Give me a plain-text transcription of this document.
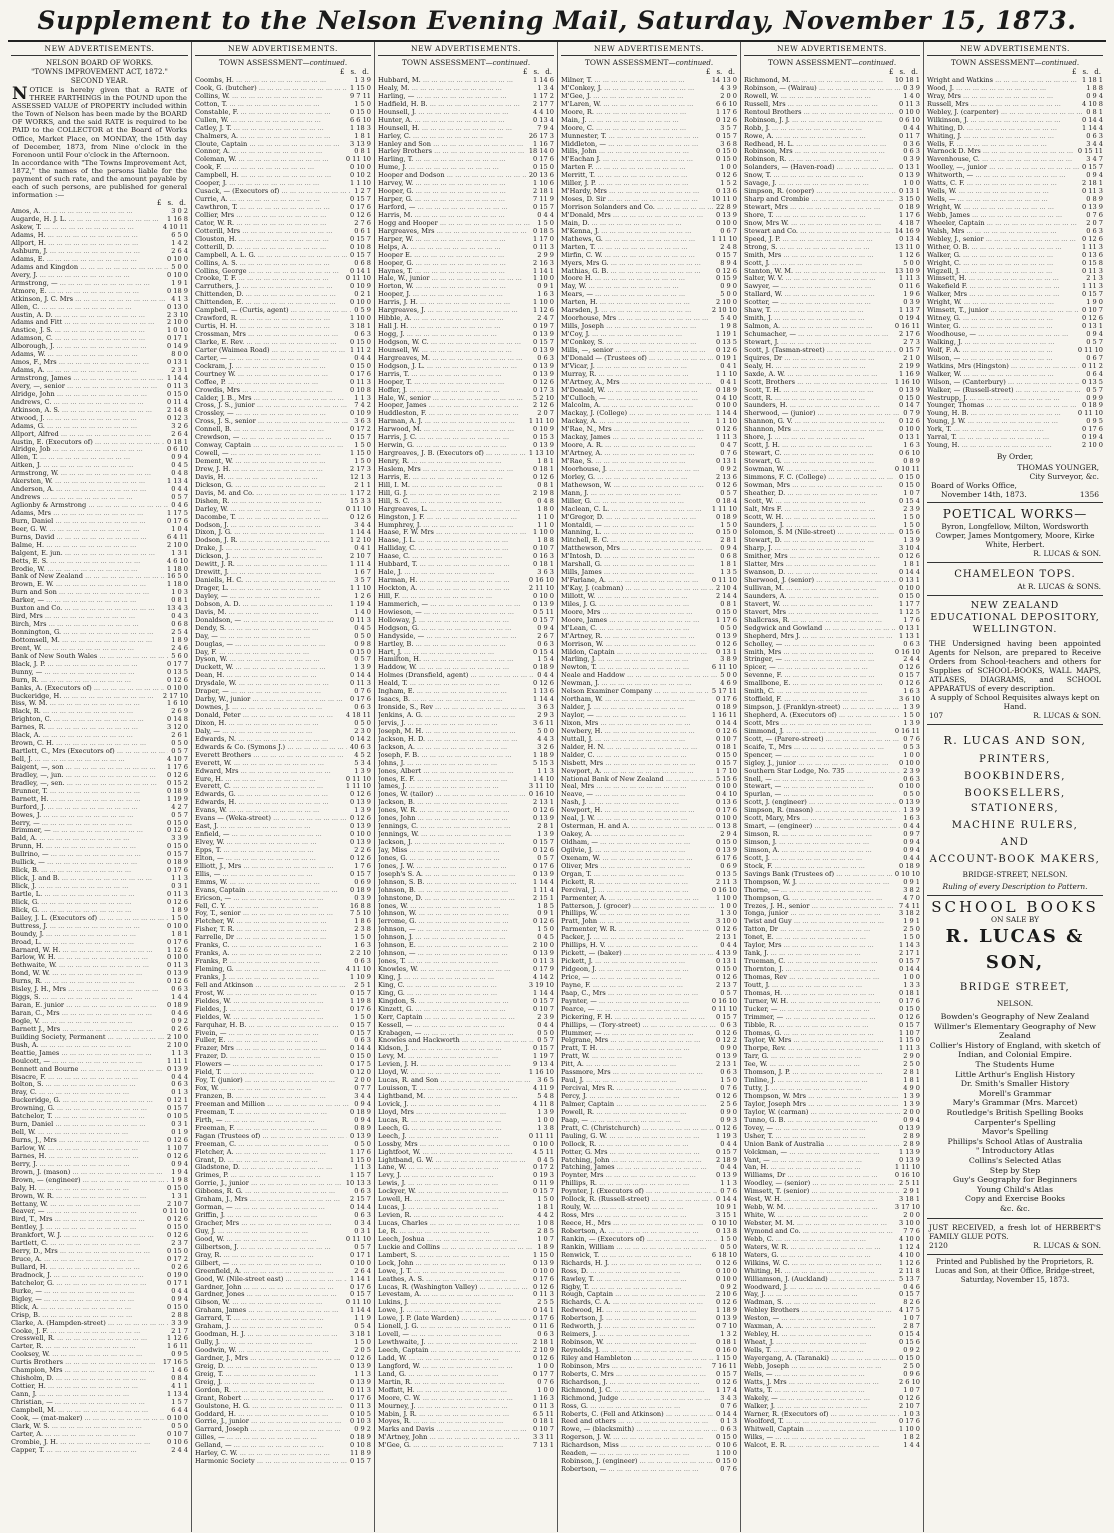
Supplement to the Nelson Evening Mail, Saturday, November 15, 1873.
NEW ADVERTISEMENTS.
NELSON BOARD OF WORKS.
"TOWNS IMPROVEMENT ACT, 1872."
SECOND YEAR.
NOTICE is hereby given that a RATE of THREE FARTHINGS in the POUND upon the ASSESSED VALUE of PROPERTY included within the Town of Nelson has been made by the BOARD OF WORKS, and the said RATE is required to be PAID to the COLLECTOR at the Board of Works Office, Market Place, on MONDAY, the 15th day of December, 1873, from Nine o'clock in the Forenoon until Four o'clock in the Afternoon.
In accordance with "The Towns Improvement Act, 1872," the names of the persons liable for the payment of such rate, and the amount payable by each of such persons, are published for general information :—
£ s. d.
Amos, A. ... .	3 0 2
Augarde, H. J. L. ... .	1 16 8
Askew, T. ... .	4 10 11
Adams, H. ... .	6 5 0
Allport, H. ... .	1 4 2
Ashburn, J. ... .	2 6 4
Adams, E. ... .	0 10 0
Adams and Kingdon ... .	5 0 0
Avery, J. ... .	0 10 0
Armstrong, — ... .	1 9 1
Atmore, E. ... .	0 18 9
Atkinson, J. C. Mrs ... .	4 1 3
Allen, C. ... .	0 13 0
Austin, A. D. ... .	2 3 10
Adams and Fitt ... .	2 10 0
Anstice, J. S. ... .	1 0 10
Adamson, C. ... .	0 17 1
Alborough, J. ... .	0 14 9
Adams, W. ... .	8 0 0
Amos, F., Mrs ... .	0 13 1
Adams, A. ... .	2 3 1
Armstrong, James ... .	1 14 4
Avery, —, senior ... .	0 11 3
Alridge, John ... .	0 15 0
Andrews, C. ... .	0 11 4
Atkinson, A. S. ... .	2 14 8
Atwood, J. ... .	0 12 3
Adams, G. ... .	3 2 6
Allport, Alfred ... .	2 6 4
Austin, E. (Executors of) ... .	0 18 1
Alridge, Job ... .	0 6 10
Allen, T. ... .	0 9 4
Aitken, J. ... .	0 4 5
Armstrong, W. ... .	0 4 8
Akersten, W. ... .	1 13 4
Anderson, A. ... .	0 4 4
Andrews ... .	0 5 7
Aglionby & Armstrong ... .	0 4 6
Adams, Mrs ... .	1 17 5
Burn, Daniel ... .	0 17 6
Beer, G. W. ... .	1 0 4
Burns, David ... .	6 4 11
Balme, H. ... .	2 10 0
Balgent, E. jun. ... .	1 3 1
Betts, E. S. ... .	4 6 10
Brodie, W. ... .	1 18 0
Bank of New Zealand ... .	16 5 0
Brown, E. W. ... .	1 18 0
Burn and Son ... .	1 0 3
Barker, — ... .	0 8 1
Buxton and Co. ... .	13 4 3
Bird, Mrs ... .	0 4 3
Birch, Mrs ... .	0 6 8
Bonnington, G. ... .	2 5 4
Bottomsell, M. ... .	1 8 9
Brent, W. ... .	2 4 6
Bank of New South Wales ... .	5 6 0
Black, J. P. ... .	0 17 7
Bunny, — ... .	0 13 5
Burn, R. ... .	0 12 6
Banks, A. (Executors of) ... .	0 10 0
Buckeridge, H. ... .	2 17 10
Biss, W. M. ... .	1 6 10
Black, R. ... .	2 6 9
Brighton, C. ... .	0 14 8
Barnes, R. ... .	3 12 0
Black, A. ... .	2 6 1
Brown, C. H. ... .	0 5 0
Bartlett, C., Mrs (Executors of) ... .	0 5 7
Bell, J. ... .	4 10 7
Baigent, —, son ... .	1 17 6
Bradley, —, jun. ... .	0 12 6
Bradley, —, sen. ... .	0 15 2
Brunner, T. ... .	0 18 9
Barnett, H. ... .	1 19 9
Burford, J. ... .	4 2 7
Bowes, J. ... .	0 5 7
Berry, — ... .	0 15 0
Brimmer, — ... .	0 12 6
Bald, A. ... .	3 3 9
Brunn, H. ... .	0 15 0
Bullrino, — ... .	0 15 7
Bullick, — ... .	0 18 9
Blick, B. ... .	0 17 6
Blick, J. and B. ... .	1 1 3
Blick, J. ... .	0 3 1
Bartle, L. ... .	0 11 3
Blick, G. ... .	0 12 6
Blick, G. ... .	1 8 9
Bailey, J. L. (Executors of) ... .	1 5 0
Buttress, J. ... .	0 10 0
Boundy, J. ... .	1 8 1
Broad, L. ... .	0 17 6
Barnard, W. H. ... .	1 12 6
Barlow, W. H. ... .	0 10 0
Bethwaite, W. ... .	0 11 3
Bond, W. W. ... .	0 13 9
Burns, R. ... .	0 12 6
Bisley, J. H., Mrs ... .	0 6 3
Biggs, S. ... .	1 4 4
Baran, E. junior ... .	0 18 9
Baran, C., Mrs ... .	0 4 6
Bogle, V. ... .	0 9 2
Barnett J., Mrs ... .	0 2 6
Building Society, Permanent ... .	2 10 0
Bush, A. ... .	2 10 0
Beattie, James ... .	1 1 3
Boulcott, — ... .	1 11 1
Bennett and Bourne ... .	0 13 9
Bisacre, F. ... .	0 4 4
Bolton, S. ... .	0 6 3
Bray, C. ... .	0 1 3
Buckeridge, G. ... .	0 12 1
Browning, G. ... .	0 15 7
Batchelor, T. ... .	0 10 5
Burn, Daniel ... .	0 3 1
Bell, W. ... .	0 1 9
Burns, J., Mrs ... .	0 12 6
Barlow, W. ... .	1 10 7
Barnes, H. ... .	0 12 6
Berry, J. ... .	0 9 4
Brown, J. (mason) ... .	1 9 4
Brown, — (engineer) ... .	1 9 8
Baly, H. ... .	0 15 0
Brown, W. R. ... .	1 3 1
Bettany, W. ... .	2 10 7
Beaver, — ... .	0 11 10
Bird, T., Mrs ... .	0 12 6
Bentley, J. ... .	0 15 0
Brankfort, W. J. ... .	0 12 6
Bartlett, C. ... .	2 3 7
Berry, D., Mrs ... .	0 15 0
Bruce, A. ... .	0 17 2
Bullard, H. ... .	0 2 6
Bradnock, J. ... .	0 19 0
Batchelor, G. ... .	0 17 1
Burke, — ... .	0 4 4
Bigley, — ... .	0 9 4
Blick, A. ... .	0 15 0
Crisp, B. ... .	2 8 8
Clarke, A. (Hampden-street) ... .	3 3 9
Cooke, J. F. ... .	2 1 7
Cresswell, R. ... .	1 12 6
Carter, R. ... .	1 6 11
Cooksey, W. ... .	0 9 5
Curtis Brothers ... .	17 16 5
Champion, Mrs ... .	1 4 6
Chisholm, D. ... .	0 8 4
Cottier, H. ... .	4 1 1
Cann, J. ... .	1 13 4
Christian, — ... .	1 5 7
Campbell, M. ... .	6 4 4
Cook, — (mat-maker) ... .	0 10 0
Clark, W. S. ... .	0 5 0
Carter, A. ... .	0 10 7
Crombie, J. H. ... .	0 10 6
Capper, T. ... .	2 4 4
NEW ADVERTISEMENTS.
TOWN ASSESSMENT—continued.
£ s. d.
Coombs, H. ... .	1 3 9
Cook, G. (butcher) ... .	1 15 0
Collins, W. ... .	9 7 11
Cotton, T. ... .	1 5 0
Constable, F. ... .	0 15 0
Cullen, W. ... .	6 6 10
Catley, J. T. ... .	1 18 3
Chalmers, A. ... .	1 8 1
Cloute, Captain ... .	3 13 9
Connor, A. ... .	0 8 1
Coleman, W. ... .	0 11 10
Cook, F. ... .	0 10 0
Campbell, H. ... .	0 10 2
Cooper, J. ... .	1 1 10
Cusack, — (Executors of) ... .	1 2 7
Currie, A. ... .	0 15 7
Cawthron, T. ... .	0 17 6
Collier, Mrs ... .	0 12 6
Cator, W. R. ... .	2 7 6
Cotterill, Mrs ... .	0 6 1
Clouston, H. ... .	0 15 7
Cotterill, D. ... .	0 10 8
Campbell, A. L. G. ... .	0 15 7
Collins, A. S. ... .	0 6 8
Collins, George ... .	0 14 1
Crooke, T. F. ... .	0 11 10
Carruthers, J. ... .	0 10 9
Chittenden, D. ... .	0 2 1
Chittenden, E. ... .	0 10 0
Campbell, — (Curtis, agent) ... .	0 5 9
Crawford, R. ... .	1 10 0
Curtis, H. H. ... .	3 18 1
Crossman, Mrs ... .	0 6 3
Clarke, E. Rev. ... .	0 15 0
Carter (Waimea Road) ... .	1 11 2
Carter, — ... .	0 4 4
Cockram, J. ... .	0 15 0
Courtney W. ... .	0 17 6
Coffee, P. ... .	0 11 3
Crowdis, Mrs ... .	0 10 8
Calder, J. B., Mrs ... .	1 1 3
Cross, J. S., junior ... .	7 4 2
Crossley, — ... .	0 10 9
Cross, J. S., senior ... .	3 6 3
Connell, B. ... .	0 17 2
Crewdson, — ... .	0 15 7
Conway, Captain ... .	1 5 0
Cowell, — ... .	1 15 0
Dement, W. ... .	1 5 0
Drew, J. H. ... .	2 17 3
Davis, H. ... .	12 1 3
Dickson, G. ... .	2 1 1
Davis, M. and Co. ... .	1 17 2
Dishen, R. ... .	15 3 3
Darley, W. ... .	0 11 10
Dacombe, T. ... .	0 12 6
Dodson, J. ... .	3 4 4
Dixon, J. G. ... .	1 14 4
Dodson, J. R. ... .	1 2 10
Drake, J. ... .	0 4 1
Dickson, J. ... .	2 10 7
Dewitt, J. R. ... .	1 11 4
Drewitt, J. ... .	1 6 7
Daniells, H. C. ... .	3 5 7
Drager, L. ... .	1 1 10
Dayley, — ... .	1 2 6
Dobson, A. D. ... .	1 19 4
Davis, M. ... .	1 4 0
Donaldson, — ... .	0 11 3
Dendy, S. ... .	0 4 5
Day, — ... .	0 5 0
Douglas, — ... .	0 9 8
Day, F. ... .	0 15 0
Dyson, W. ... .	0 5 7
Duckett, W. ... .	1 3 9
Dean, H. ... .	0 14 4
Drysdale, W. ... .	0 11 3
Draper, — ... .	0 7 6
Darby, W., junior ... .	0 17 6
Downes, J. ... .	0 6 3
Donald, Peter ... .	4 18 11
Dixon, H. ... .	0 5 0
Daly, — ... .	2 3 0
Edwards, N. ... .	0 14 2
Edwards & Co. (Symons J.) ... .	40 6 3
Everett Brothers ... .	4 5 2
Everett, W. ... .	5 3 4
Edward, Mrs ... .	1 3 9
Eure, H. ... .	0 11 10
Everett, C. ... .	1 11 10
Edwards, G. ... .	0 12 6
Edwards, H. ... .	0 13 9
Evans, W. ... .	1 3 9
Evans — (Weka-street) ... .	0 12 6
East, J. ... .	0 13 9
Enfield, — ... .	0 10 0
Elvey, W. ... .	0 13 9
Epps, T. ... .	2 2 6
Elton, — ... .	0 12 6
Elliott, J., Mrs ... .	1 7 6
Ellis, — ... .	0 15 7
Emms, W. ... .	0 6 9
Evans, Captain ... .	0 18 9
Ericson, — ... .	0 3 9
Fell, C. Y. ... .	16 8 8
Foy, T., senior ... .	7 5 10
Fletcher, W. ... .	1 8 6
Fisher, T. R. ... .	2 3 8
Farrelle, Dr ... .	1 5 0
Franks, C. ... .	1 6 3
Franks, A. ... .	2 2 10
Franks, P. ... .	0 6 3
Fleming, G. ... .	4 11 10
Franks, J. ... .	1 10 9
Fell and Atkinson ... .	2 5 1
Frost, W. ... .	0 15 7
Fieldes, W. ... .	1 19 8
Fieldes, J. ... .	0 17 6
Fieldes, W. ... .	1 5 0
Farquhar, H. B. ... .	0 15 7
Fivein, — ... .	0 15 7
Fuller, E. ... .	0 6 3
Frazer, Mrs ... .	0 14 4
Frazer, D. ... .	0 15 0
Flowers — ... .	0 17 5
Field, T. ... .	0 12 0
Foy, T. (junior) ... .	2 0 0
Fox, W. ... .	0 7 7
Franzen, B. ... .	3 4 4
Freeman and Million ... .	0 9 4
Freeman, T. ... .	0 18 9
Firth, — ... .	0 9 4
Freeman, F. ... .	0 8 9
Fagan (Trustees of) ... .	0 13 9
Freeman, C. ... .	0 5 0
Fletcher, A. ... .	1 17 6
Grant, D. ... .	1 15 0
Gladstone, D. ... .	1 1 3
Grimes, P. ... .	1 15 7
Gorrie, J., junior ... .	10 13 3
Gibbons, R. G. ... .	0 6 3
Graham, J., Mrs ... .	2 15 7
Gorman, — ... .	0 14 4
Griffin, J. ... .	0 6 3
Gracher, Mrs ... .	0 3 4
Guy, J. ... .	0 3 1
Good, W. ... .	0 11 10
Gilbertson, J. ... .	0 5 7
Gray, R. ... .	0 17 1
Gilbert, — ... .	0 10 0
Greenfield, A. ... .	2 6 4
Good, W. (Nile-street east) ... .	1 14 1
Gardner, John ... .	0 17 6
Gardner, Jones ... .	0 15 7
Gibson, W. ... .	0 11 10
Graham, James ... .	1 14 4
Garrard, T. ... .	1 1 9
Graham, J. ... .	0 5 4
Goodman, H. J. ... .	3 18 1
Gully, J. ... .	1 5 0
Goodwin, W. ... .	2 0 5
Gardner, J., Mrs ... .	0 12 6
Greig, D. ... .	0 13 9
Greig, T. ... .	1 1 3
Greig, J. ... .	0 13 9
Gordon, R. ... .	0 11 3
Grant, Robert ... .	0 17 6
Goulstone, H. G. ... .	0 11 3
Goddard, H. ... .	0 10 5
Gorrie, J., junior ... .	0 10 3
Garrard, Joseph ... .	0 9 2
Gilles, — ... .	0 18 9
Gelland, — ... .	0 10 8
Harley, C. W. ... .	11 8 9
Harmonic Society ... .	0 15 7
NEW ADVERTISEMENTS.
TOWN ASSESSMENT—continued.
£ s. d.
Hubbard, M. ... .	1 14 6
Healy, M. ... .	1 3 4
Harling, — ... .	1 17 2
Hadfield, H. B. ... .	2 17 7
Hounsell, J. ... .	4 4 10
Hunter, A. ... .	0 13 4
Hounsell, H. ... .	7 9 4
Harley, C. ... .	26 17 3
Hanley and Son ... .	1 16 7
Harley Brothers ... .	18 14 0
Harling, T. ... .	0 17 6
Hume, J. ... .	0 15 0
Hooper and Dodson ... .	20 13 6
Harvey, W. ... .	1 10 6
Hooper, G. ... .	2 18 1
Harper, G. ... .	7 11 9
Harford, — ... .	0 15 7
Harris, M. ... .	0 4 4
Hogg and Hooper ... .	1 5 0
Hargreaves, Mrs ... .	0 18 5
Harper, W. ... .	1 17 0
Helps, A. ... .	0 11 3
Hooper E. ... .	2 9 9
Hooper, G. ... .	2 16 3
Haynes, T. ... .	1 14 1
Hale, W., junior ... .	1 10 0
Horton, W. ... .	0 9 1
Hooper, J. ... .	1 6 3
Harris, J. H. ... .	1 10 0
Hargreaves, J. ... .	1 12 6
Hibble, A. ... .	2 4 7
Hall J. H. ... .	0 19 7
Hogg, J. ... .	0 13 9
Hodgson, W. C. ... .	0 15 7
Hounsell, W. ... .	0 13 9
Hargreaves, M. ... .	0 6 3
Hodgson, J. L. ... .	0 13 9
Harris, T. ... .	0 13 9
Hooper, T. ... .	0 12 6
Hoffer, J. ... .	0 17 3
Hale, W., senior ... .	5 2 10
Hooper, James ... .	2 12 6
Huddleston, F. ... .	2 0 7
Harman, A. J. ... .	1 11 10
Harwood, M. ... .	0 10 9
Harris, J. C. ... .	0 15 3
Herwin, G. ... .	0 13 9
Hargreaves, J. B. (Executors of) ... .	1 13 10
Henry, R. ... .	1 8 1
Haslem, Mrs ... .	0 18 1
Harris, E. ... .	0 12 6
Hill, I. M. ... .	0 8 1
Hill, G. J. ... .	2 19 8
Hill, S. C. ... .	0 4 8
Hargreaves, L. ... .	1 8 0
Hingston, J. F. ... .	1 1 0
Humphrey, J. ... .	1 1 0
Haase, F. W. Mrs ... .	1 10 0
Haase, J. L. ... .	1 8 8
Halliday, C. ... .	0 10 7
Haase, C. ... .	0 16 3
Hubbard, T. ... .	0 18 1
Hale, J. ... .	3 6 3
Harman, H. ... .	0 16 10
Hockton, A. ... .	2 11 10
Hill, F. ... .	0 10 0
Hammerich, — ... .	0 13 9
Howieson, — ... .	0 5 11
Holloway, J. ... .	0 15 7
Hodgson, G. ... .	0 9 4
Handyside, — ... .	2 6 7
Hartley, B. ... .	0 6 3
Hart, J. ... .	0 15 4
Hamilton, H. ... .	1 5 4
Haddow, W. ... .	0 18 9
Holmes (Dransfield, agent) ... .	0 4 4
Heald, T. ... .	0 12 6
Ingham, E. ... .	1 13 6
Isaacs, B. ... .	1 14 4
Ironside, S., Rev ... .	3 6 3
Jenkins, A. G. ... .	2 9 3
Jervis, J. ... .	3 6 11
Joseph, M. H. ... .	5 0 0
Jackson, H. D. ... .	4 4 3
Jackson, A. ... .	3 2 6
Joseph, F. B. ... .	1 18 9
Johns, J. ... .	5 15 3
Jones, Albert ... .	1 1 3
Jones, E. F. ... .	1 4 10
James, J. ... .	3 11 10
Jones, W. (tailor) ... .	0 16 10
Jackson, B. ... .	2 13 1
Jones, W. R. ... .	0 12 6
Jones, John ... .	0 13 9
Jennings, C. ... .	2 8 1
Jennings, W. ... .	1 3 9
Jackson, J. ... .	0 15 7
Jay, Miss ... .	0 12 6
Jones, G. ... .	0 5 7
Jones, J. W. ... .	0 17 6
Joseph's S. A. ... .	0 13 9
Johnson, S. B. ... .	1 14 4
Johnson, B. ... .	1 11 4
Johnstone, D. ... .	2 15 1
Jones, W. ... .	1 8 5
Johnson, W. ... .	0 9 1
Jerrome, G. ... .	0 12 6
Johnson, — ... .	1 5 0
Johnson, J. ... .	0 4 5
Johnson, E. ... .	2 10 0
Johnson, — ... .	0 13 9
Jones, T. ... .	0 11 3
Knowles, W. ... .	0 17 9
King, J. ... .	4 14 2
King, C. ... .	3 19 10
King, G. ... .	1 14 4
Kingdon, S. ... .	0 15 7
Kinzett, G. ... .	0 10 7
Kerr, Captain ... .	2 3 9
Kessell, — ... .	0 4 4
Krabagen, — ... .	0 5 0
Knowles and Hackworth ... .	0 5 7
Kidson, J. ... .	0 15 7
Levy, M. ... .	1 19 7
Levien, J. H. ... .	9 13 4
Lloyd, W. ... .	1 16 10
Lucas, R. and Son ... .	3 6 5
Louisson, T. ... .	4 11 9
Lightband, M. ... .	5 4 8
Lovick, J. ... .	4 11 8
Lloyd, Mrs ... .	1 3 9
Lucas, R. ... .	1 0 0
Leech, G. ... .	1 3 8
Leech, J. ... .	0 11 11
Lossby, Mrs ... .	0 10 0
Lightfoot, W. ... .	4 5 11
Lightband, G. W. ... .	0 4 5
Lane, W. ... .	0 17 2
Levy, J. ... .	0 19 3
Lewis, J. ... .	0 11 9
Lockyer, W. ... .	0 15 7
Lowell, H. ... .	1 5 0
Lucas, J. ... .	1 8 1
Levien, R. ... .	4 4 2
Lucas, Charles ... .	1 0 8
Le, R. ... .	2 8 5
Leech, Joshua ... .	1 0 7
Luckie and Collins ... .	1 8 9
Lambert, S. ... .	1 15 0
Lock, John ... .	0 13 9
Lowe, J. T. ... .	0 10 0
Leathes, A. S. ... .	0 17 6
Lucas, R. (Washington Valley) ... .	0 12 6
Levestam, A. ... .	0 11 3
Lukins, J. ... .	2 5 5
Lowe, J. ... .	0 14 1
Lowe, J. P. (late Warden) ... .	0 17 6
Lionell, J. G. ... .	0 11 6
Lovell, — ... .	0 6 3
Lewthwaite, J. ... .	2 18 1
Leech, Captain ... .	2 10 9
Ladd, W. ... .	0 12 6
Langford, W. ... .	1 0 0
Land, G. ... .	0 17 7
Martin, R. ... .	0 7 6
Moffatt, H. ... .	1 0 0
Moore, C. W. ... .	1 16 3
Mourney, J. ... .	0 11 3
Mabin, J. R. ... .	6 5 11
Moyes, R. ... .	0 18 1
Marks and Davis ... .	0 10 7
M'Artney, John ... .	3 3 11
M'Gee, G. ... .	7 13 1
NEW ADVERTISEMENTS.
TOWN ASSESSMENT—continued.
£ s. d.
Milner, T. ... .	14 13 0
M'Conkey, J. ... .	4 3 9
M'Gee, J. ... .	2 0 0
M'Laren, W. ... .	6 6 10
Moore, R. ... .	1 17 6
Main, J. ... .	0 12 6
Moore, C. ... .	3 5 7
Munnester, T. ... .	0 15 7
Middleton, — ... .	3 6 8
Mills, John ... .	0 15 0
M'Eachan J. ... .	0 15 0
Marten F. ... .	1 0 0
Merritt, T. ... .	0 12 6
Miller, J. P. ... .	1 5 2
M'Hardy, Mrs ... .	0 13 6
Moses, D. Sir ... .	10 11 0
Morrison Solanders and Co. ... .	22 8 9
M'Donald, Mrs ... .	0 13 9
Main, D. ... .	0 10 0
M'Kenna, J. ... .	0 6 7
Mathews, G. ... .	1 11 10
Marten, T. ... .	2 4 8
Mirfin, C. W. ... .	0 15 7
Myers, Mrs G. ... .	8 9 4
Mathias, G. B. ... .	0 12 6
Moore H. ... .	0 15 9
May, W. ... .	0 9 0
Mears, — ... .	5 0 0
Marten, H. ... .	2 10 0
Marsden, J. ... .	2 10 10
Moorhouse, Mrs ... .	5 4 0
Mills, Joseph ... .	1 9 8
M'Coy, J. ... .	1 19 1
M'Conkey, S. ... .	0 13 5
Mills, —, senior ... .	0 12 6
M'Donald — (Trustees of) ... .	0 19 1
M'Vicar, J. ... .	0 4 1
Murray, R. ... .	1 1 10
M'Artney, A., Mrs ... .	0 4 1
M'Donald, W. ... .	0 18 9
M'Culloch, — ... .	0 4 10
Malcolm, A. ... .	0 10 0
Mackay, J. (College) ... .	1 14 4
Mackay, A. ... .	1 1 10
M'Rae, N., Mrs ... .	0 12 6
Mackay, James ... .	1 11 3
Moore, A. R. ... .	0 4 7
M'Artney, A. ... .	0 7 6
M'Rae, S. ... .	0 13 1
Moorhouse, J. ... .	0 9 2
Morley, G. ... .	2 13 6
Mathewson, W. ... .	0 12 6
Mann, J. ... .	0 5 7
Miller, G. ... .	0 18 4
Maclean, C. L. ... .	1 11 10
M'Gregor, D. ... .	0 18 9
Montaldi, — ... .	1 5 0
Manning, L. ... .	0 15 0
Mitchell, E. C. ... .	2 8 1
Matthewson, Mrs ... .	0 9 4
M'Intosh, D. ... .	0 6 8
Marshall, G. ... .	1 8 1
Mills, James ... .	1 3 5
M'Farlane, A. ... .	0 11 10
M'Kay, J. (cabman) ... .	2 10 4
Millott, W. ... .	2 14 4
Miles, J. G. ... .	0 8 1
Moore, Mrs ... .	0 15 0
Moore, James ... .	1 17 6
M'Lean, C. ... .	0 5 0
M'Artney, R. ... .	0 13 9
Morrison, W. ... .	0 12 6
Mildon, Captain ... .	0 13 1
Marling, J. ... .	3 8 9
Newton, T. ... .	6 11 10
Neale and Haddow ... .	5 0 0
Newman, J. ... .	4 6 9
Nelson Examiner Company ... .	5 17 11
Northam, W. ... .	0 17 6
Nalder, J. ... .	0 18 9
Naylor, — ... .	1 16 11
Nixon, Mrs ... .	0 14 4
Newbery, H. ... .	0 12 6
Nuttall, J. ... .	0 10 7
Nalder, H. N. ... .	0 18 1
Nalder, C. ... .	0 15 0
Nisbett, Mrs ... .	0 15 7
Newport, A. ... .	1 7 10
National Bank of New Zealand ... .	5 15 6
Neal, Mrs ... .	0 10 0
Neave, — ... .	0 4 10
Nash, J. ... .	0 13 6
Newport, H. ... .	0 17 6
Neal, J. W. ... .	0 10 0
Osterman, H. and A. ... .	0 13 8
Oakey, A. ... .	2 9 4
Oldham, — ... .	0 15 0
Ogilvie, J. ... .	0 13 9
Oxenam, W. ... .	6 17 6
Oliver, Mrs ... .	0 6 9
Organ, T. ... .	0 13 5
Pickett, R. ... .	2 11 3
Percival, J. ... .	0 16 10
Parmenter, A. ... .	1 10 0
Patterson, J. (grocer) ... .	1 0 0
Phillips, W. ... .	1 3 0
Pratt, John ... .	3 10 0
Parmenter, W. R. ... .	0 12 6
Packer, J. ... .	2 13 1
Phillips, H. V. ... .	0 4 4
Pickett, — (baker) ... .	4 13 9
Pickett, J. ... .	0 13 1
Pidgeon, J. ... .	0 15 0
Price, — ... .	0 12 6
Payne, F. ... .	2 13 7
Paap, C., Mrs ... .	0 5 7
Paynter, — ... .	0 16 10
Pearce, — ... .	0 11 10
Pickering, F. H. ... .	0 15 7
Phillips, — (Tory-street) ... .	0 6 3
Plummer, — ... .	0 12 6
Pelgrane, Mrs ... .	0 12 2
Pratt, T. H. ... .	0 9 0
Pratt, W. ... .	0 13 9
Pitt, A. ... .	2 13 1
Passmore, Mrs ... .	0 6 3
Paul, J. ... .	1 5 0
Percival, Mrs R. ... .	0 7 6
Percy, J. ... .	0 12 6
Palmer, Captain ... .	2 5 6
Powell, R. ... .	0 9 0
Paap, — ... .	0 9 3
Pratt, C. (Christchurch) ... .	0 12 6
Pauling, G. W. ... .	1 19 3
Pollock, R. ... .	0 4 4
Potter, G. Mrs ... .	0 15 7
Patching, John ... .	2 18 9
Patching, James ... .	0 4 4
Poynter, Mrs ... .	0 13 9
Phillips, R. ... .	1 1 3
Poynter, J. (Executors of) ... .	0 7 6
Pollock, R. (Russell-street) ... .	0 14 4
Rouly, W. ... .	10 9 1
Ross, Mrs ... .	3 15 1
Reece, H., Mrs ... .	0 10 10
Robertson, A. ... .	0 13 8
Rankin, — (Executors of) ... .	1 5 0
Rankin, William ... .	0 5 0
Renwick, T. ... .	6 18 10
Richards, H. J. ... .	0 12 6
Ross, D. ... .	0 10 0
Rawley, T. ... .	0 10 0
Rigby, T. ... .	0 9 2
Rough, Captain ... .	2 10 6
Richards, C. A. ... .	0 12 6
Redwood, H. ... .	1 18 9
Robertson, J. ... .	0 13 9
Redworth, J. ... .	0 7 10
Reimers, J. ... .	1 3 2
Robinson, W. ... .	0 18 1
Reynolds, J. ... .	0 16 0
Riley and Hambleton ... .	1 15 0
Robinson, Mrs ... .	7 16 11
Roberts, C. Mrs ... .	0 15 7
Richardson, J. ... .	0 12 6
Richmond, J. C. ... .	1 17 4
Richmond, Judge ... .	3 4 3
Ross, G. ... .	0 7 6
Roberts, C. (Fell and Atkinson) ... .	0 14 4
Reed and others ... .	0 1 3
Rowe, — (blacksmith) ... .	0 6 3
Rogerson, J. W. ... .	0 15 0
Richardson, Miss ... .	0 10 6
Readen, — ... .	1 10 0
Robinson, J. (engineer) ... .	0 15 0
Robertson, — ... .	0 7 6
NEW ADVERTISEMENTS.
TOWN ASSESSMENT—continued.
£ s. d.
Richmond, M. ... .	10 18 1
Robinson, — (Wairau) ... .	0 3 9
Rowell, W. ... .	1 4 0
Russell, Mrs ... .	0 11 3
Rentoul Brothers ... .	0 10 0
Robinson, J. J. ... .	0 6 10
Robb, J. ... .	0 4 4
Rowe, A. ... .	0 11 7
Redhead, H. L. ... .	0 3 6
Robinson, Mrs ... .	0 6 3
Robinson, R. ... .	0 3 9
Solanders, — (Haven-road) ... .	0 13 1
Snow, T. ... .	0 13 9
Savage, J. ... .	1 0 0
Simpson, R. (cooper) ... .	0 13 1
Sharp and Crombie ... .	3 15 0
Stewart, Mrs ... .	0 18 9
Shore, T. ... .	1 17 6
Snow, Mrs W. ... .	4 18 7
Stewart and Co. ... .	14 16 9
Speed, J. P. ... .	0 13 4
Strong, S. ... .	13 11 0
Smith, Mrs ... .	1 12 6
Scott, J. ... .	5 0 0
Stanton, W. M. ... .	13 10 9
Salter, W. V. ... .	1 11 3
Sawyer, — ... .	0 11 6
Stallard, W. ... .	1 9 6
Scotter, — ... .	0 3 9
Shaw, T. ... .	1 13 7
Smith, J. ... .	0 19 4
Salmon, A. ... .	0 16 11
Schumacher, — ... .	2 17 6
Stewart, J. ... .	2 7 3
Scott, J. (Tasman-street) ... .	0 15 7
Squires, Dr ... .	2 1 0
Sealy, H. ... .	2 19 9
Saxde, A. W. ... .	1 16 9
Scott, Brothers ... .	1 16 10
Scott, T. H. ... .	0 13 9
Scott, R. ... .	0 15 0
Saunders, H. ... .	0 14 7
Sherwood, — (junior) ... .	0 7 9
Shannon, G. V. ... .	0 12 6
Shannon, Mrs ... .	0 10 0
Shore, J. ... .	0 13 1
Scott, J. H. ... .	1 6 3
Stewart, C. ... .	0 6 10
Stewart, G. ... .	0 8 9
Sowman, W. ... .	0 10 11
Simmons, F. C. (College) ... .	0 15 0
Sowman, Mrs ... .	0 15 0
Sheather, D. ... .	1 0 7
Scott, W. ... .	0 15 4
Salt, Mrs F. ... .	2 3 9
Scott, W. H. ... .	1 5 0
Saunders, J. ... .	1 5 0
Solomon, S. M (Nile-street) ... .	0 15 6
Stewart, D. ... .	1 3 9
Sharp, J. ... .	3 10 4
Smither, Mrs ... .	0 12 6
Slatter, Mrs ... .	1 8 1
Swanson, D. ... .	0 14 4
Sherwood, J. (senior) ... .	0 13 1
Sullivan, M. ... .	0 10 0
Saunders, A. ... .	0 15 0
Stavert, W. ... .	1 17 7
Stavert, Mrs ... .	1 12 5
Shallcrass, R. ... .	1 7 6
Sedgwick and Gowland ... .	0 13 1
Shepherd, Mrs J. ... .	1 13 1
Scholley, — ... .	0 6 3
Smith, Mrs ... .	0 16 10
Stringer, — ... .	2 4 4
Spicer, — ... .	0 12 6
Sevenne, F. ... .	0 15 7
Smallbone, E. ... .	0 12 6
Smith, C. ... .	1 6 3
Stoffield, F. ... .	3 6 10
Simpson, J. (Franklyn-street) ... .	1 3 9
Shepherd, A. (Executors of) ... .	1 5 0
Scott, Mrs ... .	1 3 9
Simmond, J. ... .	0 16 11
Scott, — (Parere-street) ... .	0 7 6
Scaife, T., Mrs ... .	0 5 3
Spencer, — ... .	1 0 0
Sigley, J., junior ... .	0 10 0
Southern Star Lodge, No. 735 ... .	2 3 9
Snell, — ... .	0 6 3
Stewart, — ... .	0 10 0
Spurlan, — ... .	0 5 0
Scott, J. (engineer) ... .	0 13 9
Simpson, R. (mason) ... .	1 3 9
Scott, Mary, Mrs ... .	1 6 3
Smart, — (engineer) ... .	0 4 4
Simson, R. ... .	0 9 7
Simson, J. ... .	0 9 4
Simson, A. ... .	0 9 4
Scott, J. ... .	0 4 4
Stock, F. ... .	0 18 9
Savings Bank (Trustees of) ... .	0 10 10
Thompson, W. J. ... .	0 9 1
Thorne, — ... .	3 8 2
Thompson, G. ... .	4 7 0
Trezes, J. H., senior ... .	7 4 11
Tonga, junior ... .	3 18 2
Twist and Guy ... .	1 9 1
Tatton, Dr ... .	2 5 0
Tonet, E. ... .	1 5 0
Taylor, Mrs ... .	1 14 3
Tank, J. ... .	2 17 1
Trueman, C. ... .	0 15 7
Thornton, J. ... .	0 14 4
Thomas, Rev ... .	1 0 0
Toutt, J. ... .	1 3 3
Thomas, H. ... .	0 18 1
Turner, W. H. ... .	0 17 6
Tucker, — ... .	0 15 0
Trimmer, — ... .	0 12 6
Tibble, R. ... .	0 15 7
Thomas, G. ... .	1 10 7
Taylor, W. Mrs ... .	1 15 0
Thorpe, Rev. ... .	1 11 3
Tarr, G. ... .	2 9 0
Tee, W. ... .	2 5 0
Thomson, J. P. ... .	2 8 1
Tinline, J. ... .	1 8 1
Tutty, J. ... .	4 9 0
Thompson, W. Mrs ... .	1 3 9
Taylor, Joseph Mrs ... .	1 3 9
Taylor, W. (carman) ... .	2 0 0
Tunno, G. B. ... .	0 9 4
Tovey, — ... .	0 13 9
Usher, T. ... .	2 8 9
Union Bank of Australia ... .	2 8 9
Volckman, — ... .	1 13 9
Vant, — ... .	0 13 9
Van, H. ... .	1 11 10
Williams, Dr ... .	0 16 10
Woodley, — (senior) ... .	2 5 11
Wimsett, T. (senior) ... .	2 9 1
West, W. H. ... .	3 18 1
Webb, W. M. ... .	3 17 10
White, W. ... .	2 0 0
Webster, M. M. ... .	3 10 0
Wymond and Co. ... .	7 7 6
Webb, C. ... .	4 10 0
Waters, W. R. ... .	1 12 4
Waters, G. ... .	4 10 0
Wilkins, W. C. ... .	1 12 6
Whiting, H. ... .	2 11 8
Williamson, J. (Auckland) ... .	5 13 7
Woodward, J. ... .	0 4 6
Way, J. ... .	0 15 7
Wadman, S. ... .	8 2 6
Webley Brothers ... .	4 17 5
Weston, — ... .	1 0 7
Waxman, A. ... .	2 8 7
Webley, H. ... .	0 15 4
Wheat, J. ... .	0 15 6
Wells, T. ... .	0 9 2
Wayergang, A. (Taranaki) ... .	0 15 0
Webb, Joseph ... .	2 5 0
Wells, — ... .	0 9 6
Watts, J. Mrs ... .	2 6 10
Watts, T. ... .	1 0 7
Wakely, — ... .	0 12 6
Walker, J. ... .	2 10 7
Warner, R. (Executors of) ... .	1 0 3
Woolford, T. ... .	0 17 6
Whitwell, Captain ... .	1 10 0
Wilks, — ... .	1 8 2
Walcot, E. R. ... .	1 4 4
NEW ADVERTISEMENTS.
TOWN ASSESSMENT—continued.
£ s. d.
Wright and Watkins ... .	1 18 1
Wood, J. ... .	1 8 8
Wray, Mrs ... .	0 9 4
Russell, Mrs ... .	4 10 8
Webley, J. (carpenter) ... .	0 8 1
Wilkinson, J. ... .	0 14 4
Whiting, D. ... .	1 14 4
Whiting, J. ... .	0 6 3
Wells, F. ... .	3 4 4
Warnock D. Mrs ... .	0 15 11
Wavenhouse, C. ... .	3 4 7
Woolley, —, junior ... .	0 15 7
Whitworth, — ... .	0 9 4
Watts, C. F. ... .	2 18 1
Wells, W. ... .	0 11 3
Wells, — ... .	0 8 9
Wright, W. ... .	0 13 9
Webb, James ... .	0 7 6
Wheeler, Captain ... .	2 0 7
Walsh, Mrs ... .	0 6 3
Webley, J., senior ... .	0 12 6
Wither, O. B. ... .	1 11 3
Walker, G. ... .	0 13 6
Wright, C. ... .	0 15 8
Wigzell, J. ... .	0 11 3
Wimsett, H. ... .	2 1 3
Wakefield F. ... .	1 11 3
Walker, Mrs ... .	0 15 7
Wright, W. ... .	1 9 0
Wimsett, T., junior ... .	0 10 7
Witney, G. ... .	0 12 6
Winter, G. ... .	0 13 1
Woodhouse, — ... .	0 9 4
Walking, J. ... .	0 5 7
Wolf, F. A. ... .	0 11 10
Wilson, — ... .	0 6 7
Watkins, Mrs (Hingston) ... .	0 11 2
Walker, W. ... .	0 6 4
Wilson, — (Canterbury) ... .	0 13 5
Walker, — (Russell-street) ... .	0 5 7
Westrupp, J. ... .	0 9 9
Younger, Thomas ... .	0 18 9
Young, H. B. ... .	0 11 10
Young, J. W. ... .	0 9 5
York, T. ... .	0 17 6
Yarral, T. ... .	0 19 4
Young, H. ... .	2 10 0
By Order,
THOMAS YOUNGER,
City Surveyor, &c.
Board of Works Office,
November 14th, 1873.	1356
POETICAL WORKS—
Byron, Longfellow, Milton, Wordsworth Cowper, James Montgomery, Moore, Kirke White, Herbert.
R. LUCAS & SON.
CHAMELEON TOPS.
At R. LUCAS & SONS.
NEW ZEALAND EDUCATIONAL DEPOSITORY, WELLINGTON.
THE Undersigned having been appointed Agents for Nelson, are prepared to Receive Orders from School-teachers and others for Supplies of SCHOOL-BOOKS, WALL MAPS, ATLASES, DIAGRAMS, and SCHOOL APPARATUS of every description.
A supply of School Requisites always kept on Hand.
107	R. LUCAS & SON.
R. LUCAS AND SON,
PRINTERS,
BOOKBINDERS,
BOOKSELLERS, STATIONERS,
MACHINE RULERS,
AND
ACCOUNT-BOOK MAKERS,
BRIDGE-STREET, NELSON.
Ruling of every Description to Pattern.
SCHOOL BOOKS
ON SALE BY
R. LUCAS & SON,
BRIDGE STREET,
NELSON.
Bowden's Geography of New Zealand
Willmer's Elementary Geography of New Zealand
Collier's History of England, with sketch of Indian, and Colonial Empire.
The Students Hume
Little Arthur's English History
Dr. Smith's Smaller History
Morell's Grammar
Mary's Grammar (Mrs. Marcet)
Routledge's British Spelling Books
Carpenter's Spelling
Mavor's Spelling
Phillips's School Atlas of Australia
" Introductory Atlas
Collins's Selected Atlas
Step by Step
Guy's Geography for Beginners
Young Child's Atlas
Copy and Exercise Books
&c. &c.
JUST RECEIVED, a fresh lot of HERBERT'S FAMILY GLUE POTS.
2120	R. LUCAS & SON.
Printed and Published by the Proprietors, R. Lucas and Son, at their Office, Bridge-street, Saturday, November 15, 1873.
